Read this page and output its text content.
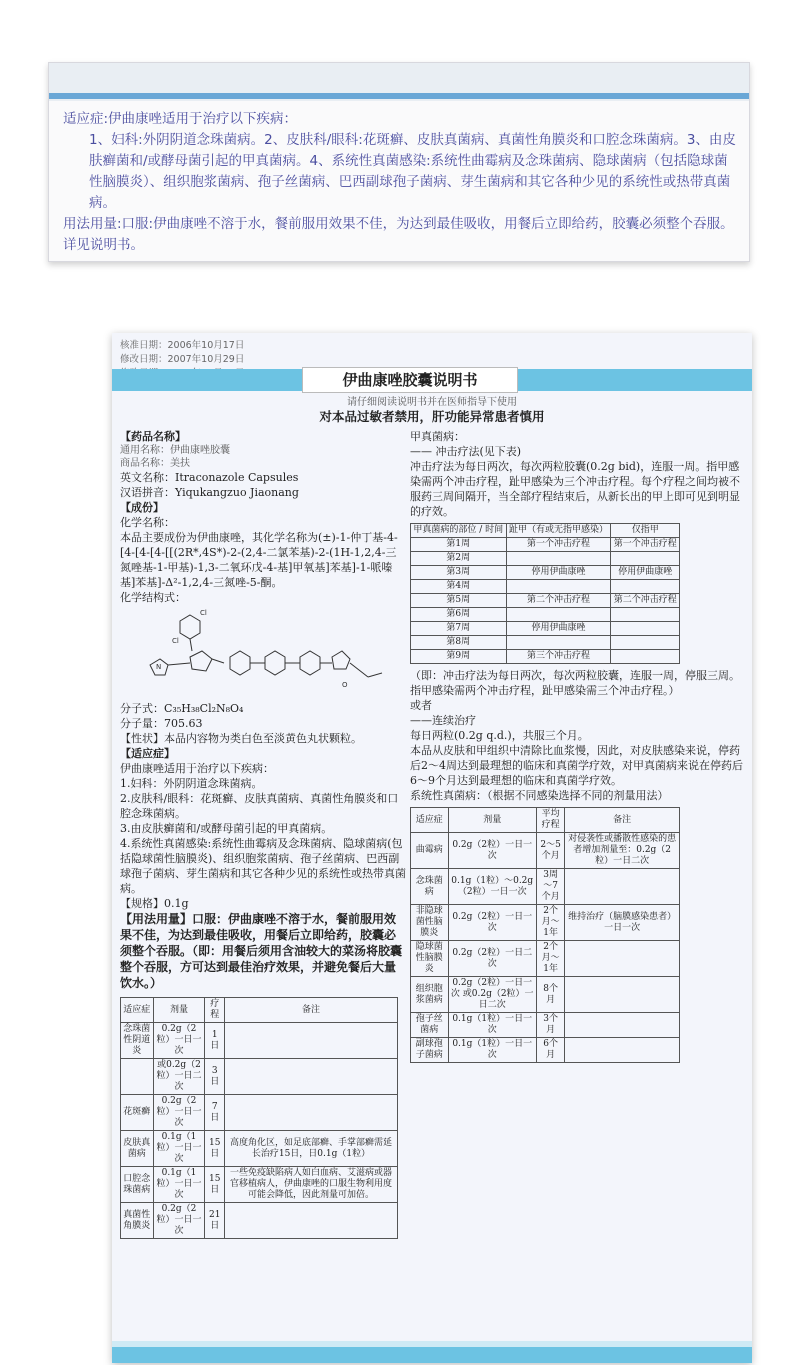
适应症:伊曲康唑适用于治疗以下疾病：
1、妇科:外阴阴道念珠菌病。2、皮肤科/眼科:花斑癣、皮肤真菌病、真菌性角膜炎和口腔念珠菌病。3、由皮肤癣菌和/或酵母菌引起的甲真菌病。4、系统性真菌感染:系统性曲霉病及念珠菌病、隐球菌病（包括隐球菌性脑膜炎）、组织胞浆菌病、孢子丝菌病、巴西副球孢子菌病、芽生菌病和其它各种少见的系统性或热带真菌病。
用法用量:口服:伊曲康唑不溶于水，餐前服用效果不佳，为达到最佳吸收，用餐后立即给药，胶囊必须整个吞服。详见说明书。
核准日期：2006年10月17日
修改日期：2007年10月29日
伊曲康唑胶囊说明书
请仔细阅读说明书并在医师指导下使用
对本品过敏者禁用，肝功能异常患者慎用
【药品名称】
通用名称：伊曲康唑胶囊
商品名称：美扶
英文名称：Itraconazole Capsules
汉语拼音：Yiqukangzuo Jiaonang
【成份】
化学名称：
本品主要成份为伊曲康唑，其化学名称为(±)-1-仲丁基-4-[4-[4-[4-[[(2R*,4S*)-2-(2,4-二氯苯基)-2-(1H-1,2,4-三氮唑基-1-甲基)-1,3-二氧环戊-4-基]甲氧基]苯基]-1-哌嗪基]苯基]-Δ²-1,2,4-三氮唑-5-酮。
化学结构式：
Cl
Cl
N
O
分子式：C₃₅H₃₈Cl₂N₈O₄
分子量：705.63
【性状】本品内容物为类白色至淡黄色丸状颗粒。
【适应症】
伊曲康唑适用于治疗以下疾病：
1.妇科：外阴阴道念珠菌病。
2.皮肤科/眼科：花斑癣、皮肤真菌病、真菌性角膜炎和口腔念珠菌病。
3.由皮肤癣菌和/或酵母菌引起的甲真菌病。
4.系统性真菌感染:系统性曲霉病及念珠菌病、隐球菌病(包括隐球菌性脑膜炎)、组织胞浆菌病、孢子丝菌病、巴西副球孢子菌病、芽生菌病和其它各种少见的系统性或热带真菌病。
【规格】0.1g
【用法用量】口服：伊曲康唑不溶于水，餐前服用效果不佳，为达到最佳吸收，用餐后立即给药，胶囊必须整个吞服。（即：用餐后须用含油较大的菜汤将胶囊整个吞服，方可达到最佳治疗效果，并避免餐后大量饮水。）
适应症	剂量	疗程	备注
念珠菌性阴道炎	0.2g（2粒）一日一次	1日	
	或0.2g（2粒）一日二次	3日	
花斑癣	0.2g（2粒）一日一次	7日	
皮肤真菌病	0.1g（1粒）一日一次	15日	高度角化区，如足底部癣、手掌部癣需延长治疗15日，日0.1g（1粒）
口腔念珠菌病	0.1g（1粒）一日一次	15日	一些免疫缺陷病人如白血病、艾滋病或器官移植病人，伊曲康唑的口服生物利用度可能会降低，因此剂量可加倍。
真菌性角膜炎	0.2g（2粒）一日一次	21日	
甲真菌病：
—— 冲击疗法(见下表)
冲击疗法为每日两次，每次两粒胶囊(0.2g bid)，连服一周。指甲感染需两个冲击疗程，趾甲感染为三个冲击疗程。每个疗程之间均被不服药三周间隔开，当全部疗程结束后，从新长出的甲上即可见到明显的疗效。
甲真菌病的部位 / 时间	趾甲（有或无指甲感染）	仅指甲
第1周	第一个冲击疗程	第一个冲击疗程
第2周		
第3周	停用伊曲康唑	停用伊曲康唑
第4周		
第5周	第二个冲击疗程	第二个冲击疗程
第6周		
第7周	停用伊曲康唑	
第8周		
第9周	第三个冲击疗程	
（即：冲击疗法为每日两次，每次两粒胶囊，连服一周，停服三周。指甲感染需两个冲击疗程，趾甲感染需三个冲击疗程。）
或者
——连续治疗
每日两粒(0.2g q.d.)，共服三个月。
本品从皮肤和甲组织中清除比血浆慢，因此，对皮肤感染来说，停药后2～4周达到最理想的临床和真菌学疗效，对甲真菌病来说在停药后6～9个月达到最理想的临床和真菌学疗效。
系统性真菌病：（根据不同感染选择不同的剂量用法）
适应症	剂量	平均疗程	备注
曲霉病	0.2g（2粒）一日一次	2～5个月	对侵袭性或播散性感染的患者增加剂量至：0.2g（2粒）一日二次
念珠菌病	0.1g（1粒）～0.2g（2粒）一日一次	3周～7个月	
非隐球菌性脑膜炎	0.2g（2粒）一日一次	2个月～1年	维持治疗（脑膜感染患者）一日一次
隐球菌性脑膜炎	0.2g（2粒）一日二次	2个月～1年	
组织胞浆菌病	0.2g（2粒）一日一次 或0.2g（2粒）一日二次	8个月	
孢子丝菌病	0.1g（1粒）一日一次	3个月	
副球孢子菌病	0.1g（1粒）一日一次	6个月	
